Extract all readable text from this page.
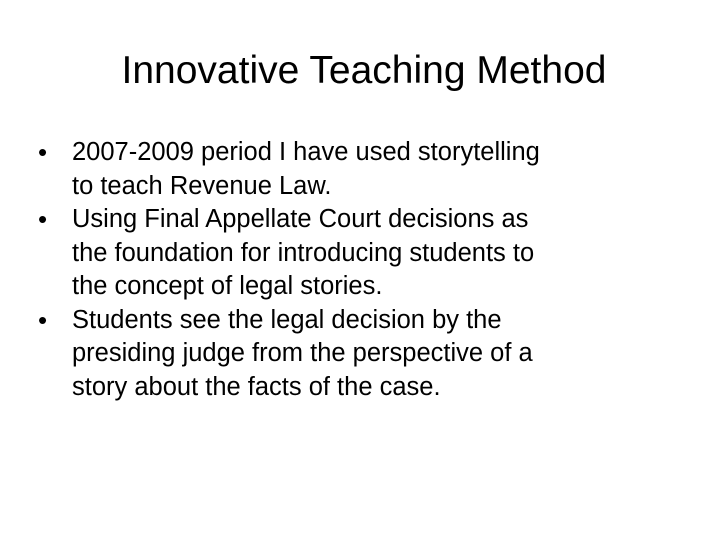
Innovative Teaching Method
• 2007-2009 period I have used storytelling
to teach Revenue Law.
• Using Final Appellate Court decisions as
the foundation for introducing students to
the concept of legal stories.
• Students see the legal decision by the
presiding judge from the perspective of a
story about the facts of the case.
